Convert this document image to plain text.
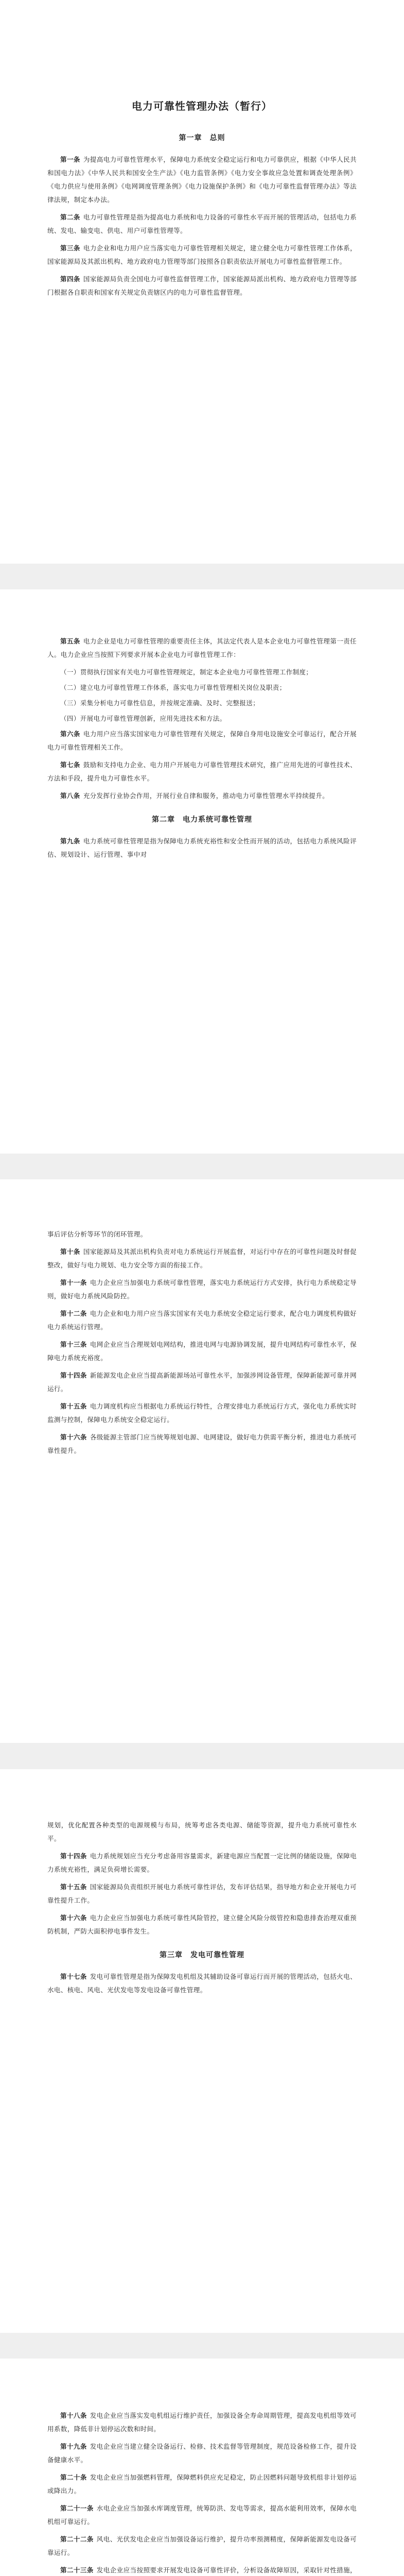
电力可靠性管理办法（暂行）
第一章　总则

第一条 为提高电力可靠性管理水平，保障电力系统安全稳定运行和电力可靠供应，根据《中华人民共和国电力法》《中华人民共和国安全生产法》《电力监管条例》《电力安全事故应急处置和调查处理条例》《电力供应与使用条例》《电网调度管理条例》《电力设施保护条例》和《电力可靠性监督管理办法》等法律法规，制定本办法。

第二条 电力可靠性管理是指为提高电力系统和电力设备的可靠性水平而开展的管理活动，包括电力系统、发电、输变电、供电、用户可靠性管理等。

第三条 电力企业和电力用户应当落实电力可靠性管理相关规定，建立健全电力可靠性管理工作体系，国家能源局及其派出机构、地方政府电力管理等部门按照各自职责依法开展电力可靠性监督管理工作。

第四条 国家能源局负责全国电力可靠性监督管理工作，国家能源局派出机构、地方政府电力管理等部门根据各自职责和国家有关规定负责辖区内的电力可靠性监督管理。

第五条 电力企业是电力可靠性管理的重要责任主体，其法定代表人是本企业电力可靠性管理第一责任人。电力企业应当按照下列要求开展本企业电力可靠性管理工作：

（一）贯彻执行国家有关电力可靠性管理规定，制定本企业电力可靠性管理工作制度；

（二）建立电力可靠性管理工作体系，落实电力可靠性管理相关岗位及职责；

（三）采集分析电力可靠性信息，并按规定准确、及时、完整报送；

（四）开展电力可靠性管理创新，应用先进技术和方法。

第六条 电力用户应当落实国家电力可靠性管理有关规定，保障自身用电设施安全可靠运行，配合开展电力可靠性管理相关工作。

第七条 鼓励和支持电力企业、电力用户开展电力可靠性管理技术研究，推广应用先进的可靠性技术、方法和手段，提升电力可靠性水平。

第八条 充分发挥行业协会作用，开展行业自律和服务，推动电力可靠性管理水平持续提升。

第二章　电力系统可靠性管理

第九条 电力系统可靠性管理是指为保障电力系统充裕性和安全性而开展的活动，包括电力系统风险评估、规划设计、运行管理、事中对

事后评估分析等环节的闭环管理。

第十条 国家能源局及其派出机构负责对电力系统运行开展监督，对运行中存在的可靠性问题及时督促整改，做好与电力规划、电力安全等方面的衔接工作。

第十一条 电力企业应当加强电力系统可靠性管理，落实电力系统运行方式安排，执行电力系统稳定导则，做好电力系统风险防控。

第十二条 电力企业和电力用户应当落实国家有关电力系统安全稳定运行要求，配合电力调度机构做好电力系统运行管理。

第十三条 电网企业应当合理规划电网结构，推进电网与电源协调发展，提升电网结构可靠性水平，保障电力系统充裕度。

第十四条 新能源发电企业应当提高新能源场站可靠性水平，加强涉网设备管理，保障新能源可靠并网运行。

第十五条 电力调度机构应当根据电力系统运行特性，合理安排电力系统运行方式，强化电力系统实时监测与控制，保障电力系统安全稳定运行。

第十六条 各级能源主管部门应当统筹规划电源、电网建设，做好电力供需平衡分析，推进电力系统可靠性提升。

规划，优化配置各种类型的电源规模与布局，统筹考虑各类电源、储能等资源，提升电力系统可靠性水平。

第十四条 电力系统规划应当充分考虑备用容量需求，新建电源应当配置一定比例的储能设施，保障电力系统充裕性，满足负荷增长需要。

第十五条 国家能源局负责组织开展电力系统可靠性评估，发布评估结果，指导地方和企业开展电力可靠性提升工作。

第十六条 电力企业应当加强电力系统可靠性风险管控，建立健全风险分级管控和隐患排查治理双重预防机制，严防大面积停电事件发生。

第三章　发电可靠性管理

第十七条 发电可靠性管理是指为保障发电机组及其辅助设备可靠运行而开展的管理活动，包括火电、水电、核电、风电、光伏发电等发电设备可靠性管理。

第十八条 发电企业应当落实发电机组运行维护责任，加强设备全寿命周期管理，提高发电机组等效可用系数，降低非计划停运次数和时间。

第十九条 发电企业应当建立健全设备运行、检修、技术监督等管理制度，规范设备检修工作，提升设备健康水平。

第二十条 发电企业应当加强燃料管理，保障燃料供应充足稳定，防止因燃料问题导致机组非计划停运或降出力。

第二十一条 水电企业应当加强水库调度管理，统筹防洪、发电等需求，提高水能利用效率，保障水电机组可靠运行。

第二十二条 风电、光伏发电企业应当加强设备运行维护，提升功率预测精度，保障新能源发电设备可靠运行。

第二十三条 发电企业应当按照要求开展发电设备可靠性评价，分析设备故障原因，采取针对性措施，
